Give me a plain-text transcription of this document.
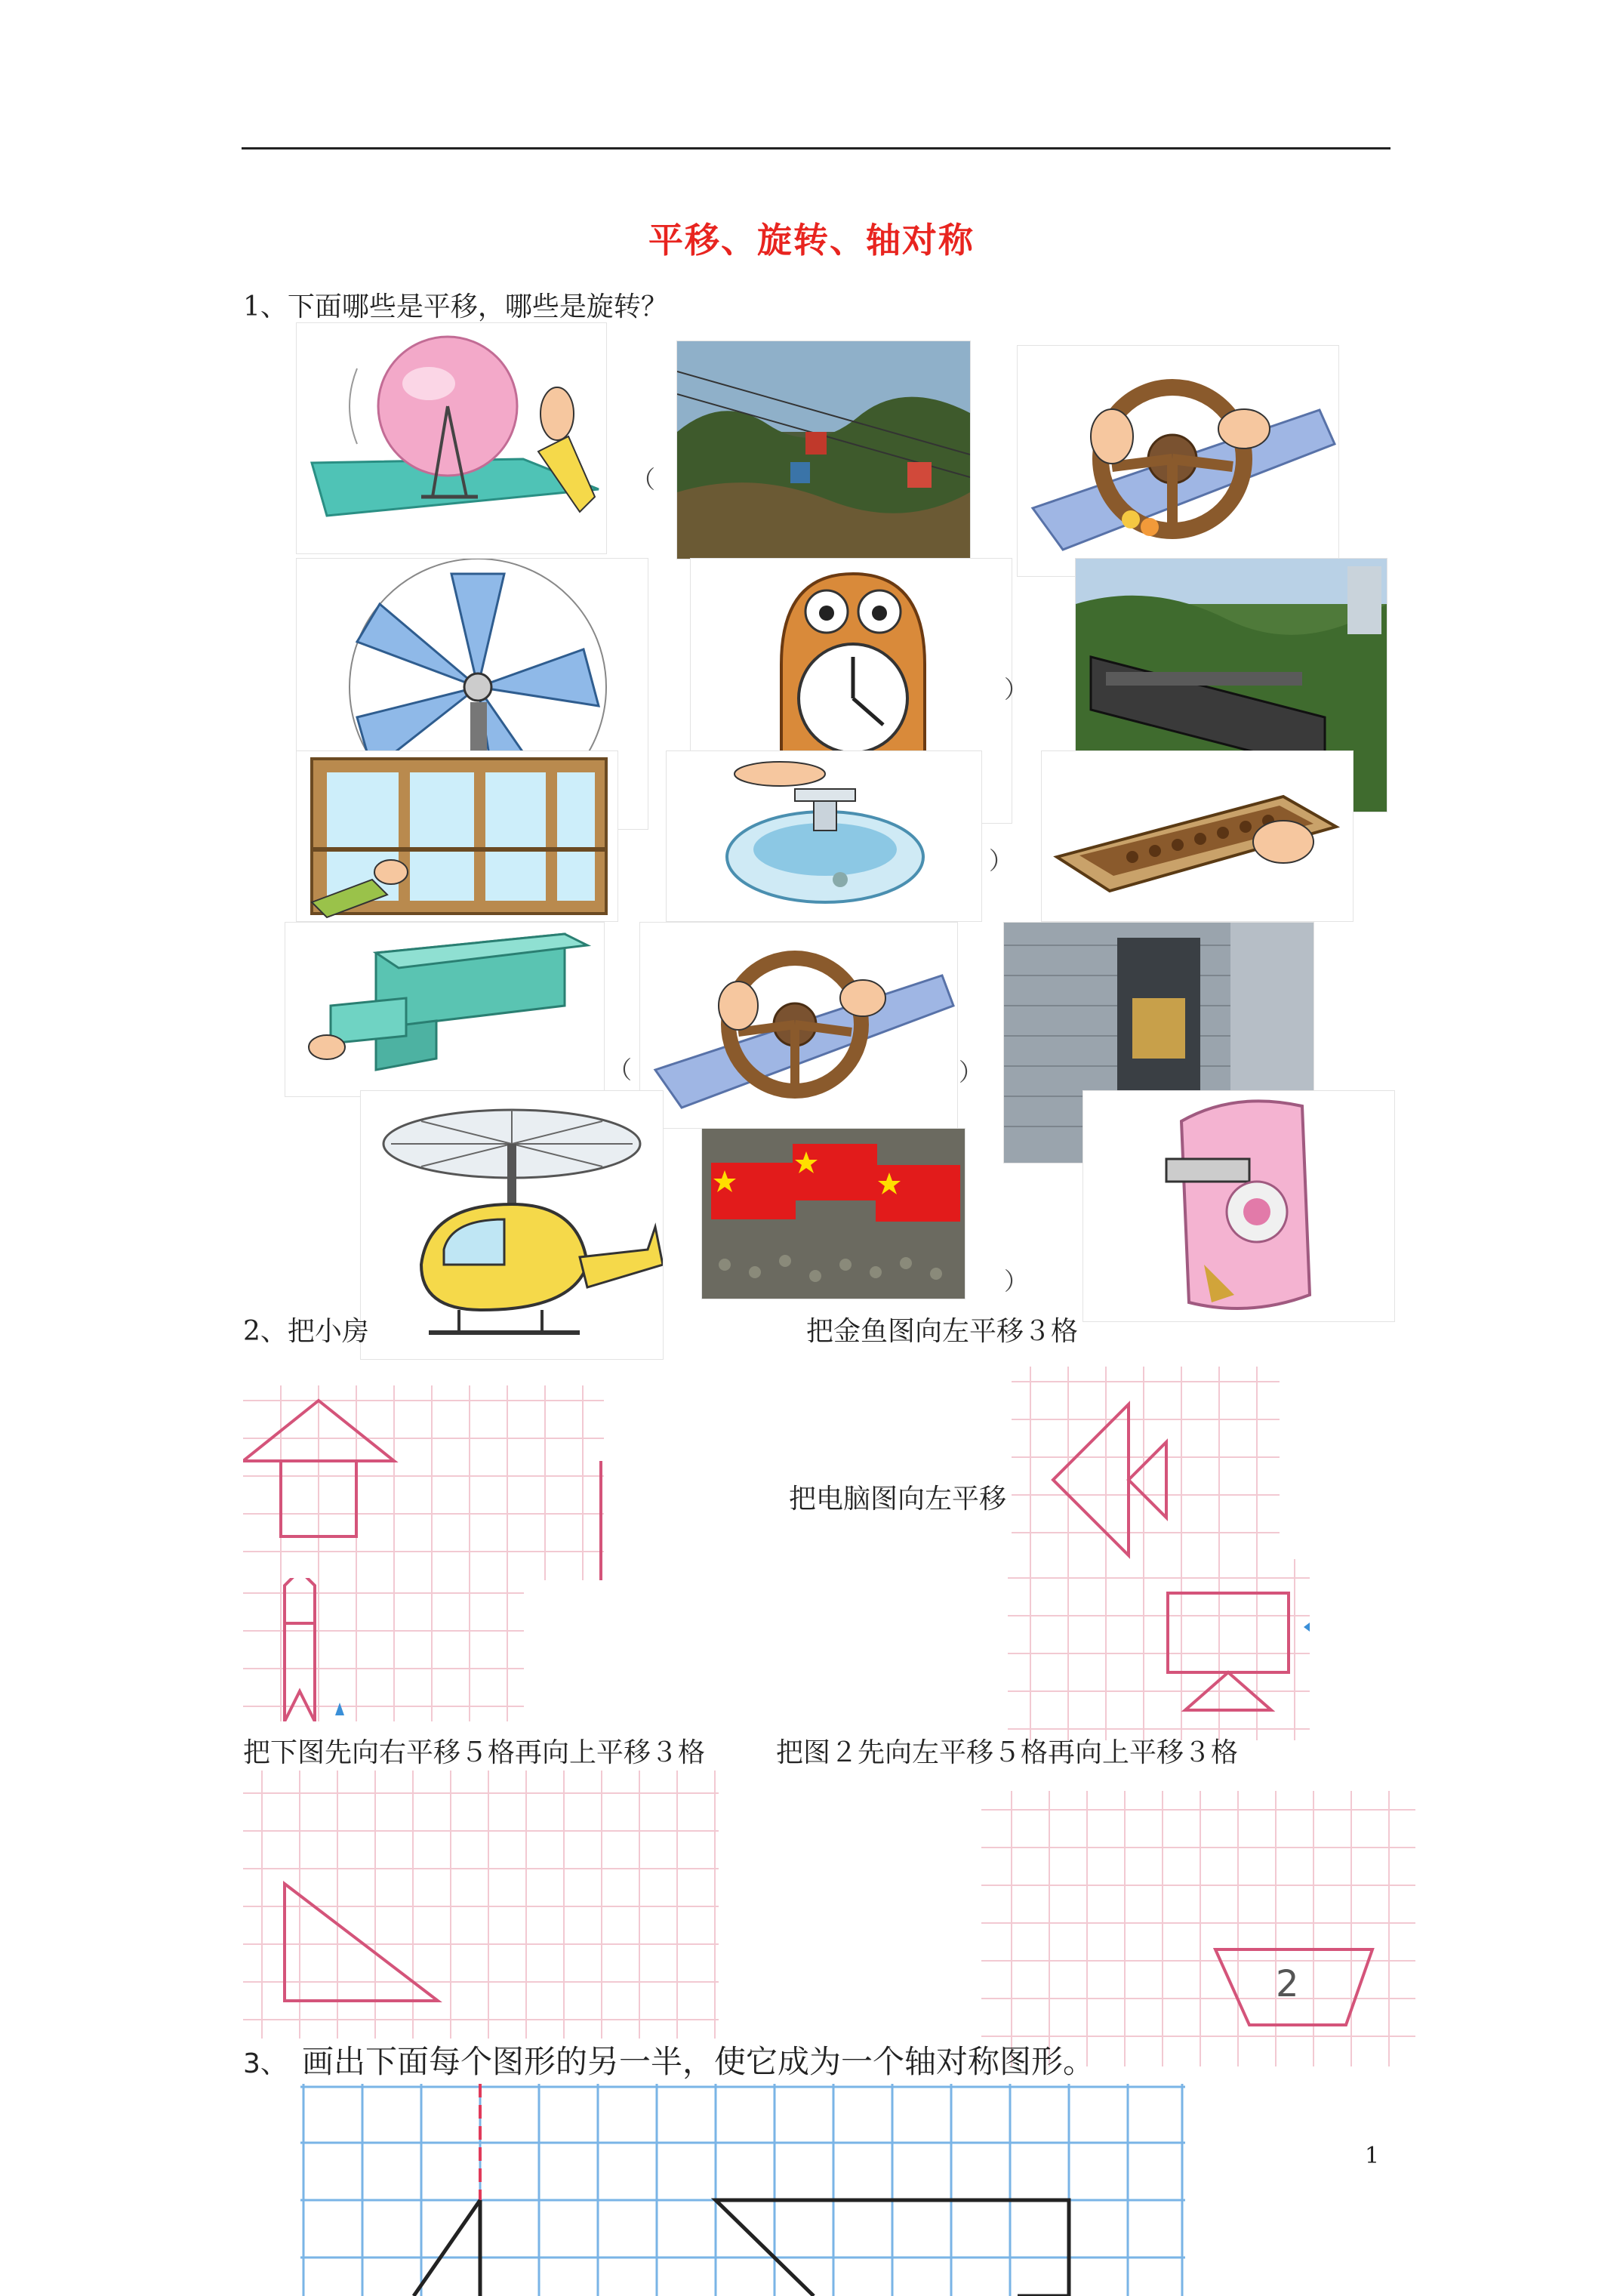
平移、旋转、轴对称
1、下面哪些是平移，哪些是旋转？
（
）
）
（	）
）
2、把小房	把金鱼图向左平移３格
把电脑图向左平移
把下图先向右平移５格再向上平移３格	把图２先向左平移５格再向上平移３格
2
3、 画出下面每个图形的另一半，使它成为一个轴对称图形。
1
